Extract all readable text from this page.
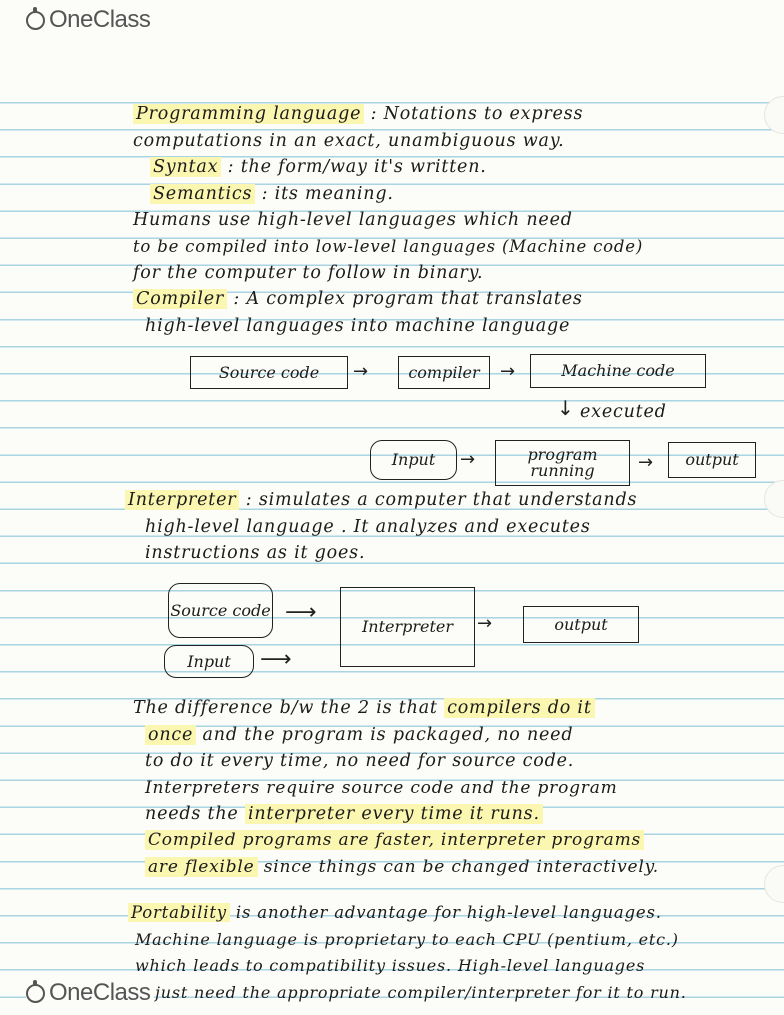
OneClass
Programming language : Notations to express
computations in an exact, unambiguous way.
Syntax : the form/way it's written.
Semantics : its meaning.
Humans use high-level languages which need
to be compiled into low-level languages (Machine code)
for the computer to follow in binary.
Compiler : A complex program that translates
high-level languages into machine language
Source code	→	compiler	→	Machine code
↓ executed
Input	→	program running	→	output
Interpreter : simulates a computer that understands
high-level language . It analyzes and executes
instructions as it goes.
Source code ⟶
Interpreter	→	output
Input	⟶
The difference b/w the 2 is that compilers do it
once and the program is packaged, no need
to do it every time, no need for source code.
Interpreters require source code and the program
needs the interpreter every time it runs.
Compiled programs are faster, interpreter programs
are flexible since things can be changed interactively.
Portability is another advantage for high-level languages.
Machine language is proprietary to each CPU (pentium, etc.)
which leads to compatibility issues. High-level languages
just need the appropriate compiler/interpreter for it to run.
OneClass
